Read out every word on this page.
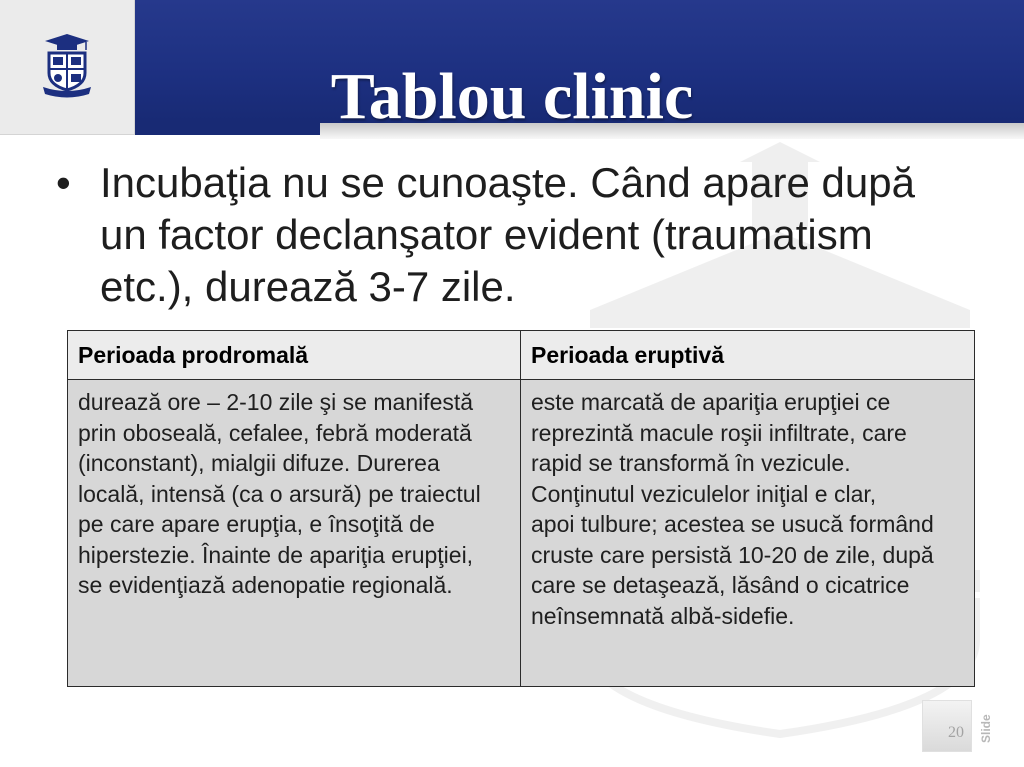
Tablou clinic
• Incubaţia nu se cunoaşte. Când apare după
un factor declanşator evident (traumatism
etc.), durează 3-7 zile.
Perioada prodromală	Perioada eruptivă
durează ore – 2-10 zile şi se manifestă
prin oboseală, cefalee, febră moderată
(inconstant), mialgii difuze. Durerea
locală, intensă (ca o arsură) pe traiectul
pe care apare erupţia, e însoţită de
hiperstezie. Înainte de apariţia erupţiei,
se evidenţiază adenopatie regională.
este marcată de apariţia erupţiei ce
reprezintă macule roşii infiltrate, care
rapid se transformă în vezicule.
Conţinutul veziculelor iniţial e clar,
apoi tulbure; acestea se usucă formând
cruste care persistă 10-20 de zile, după
care se detaşează, lăsând o cicatrice
neînsemnată albă-sidefie.
20 Slide
